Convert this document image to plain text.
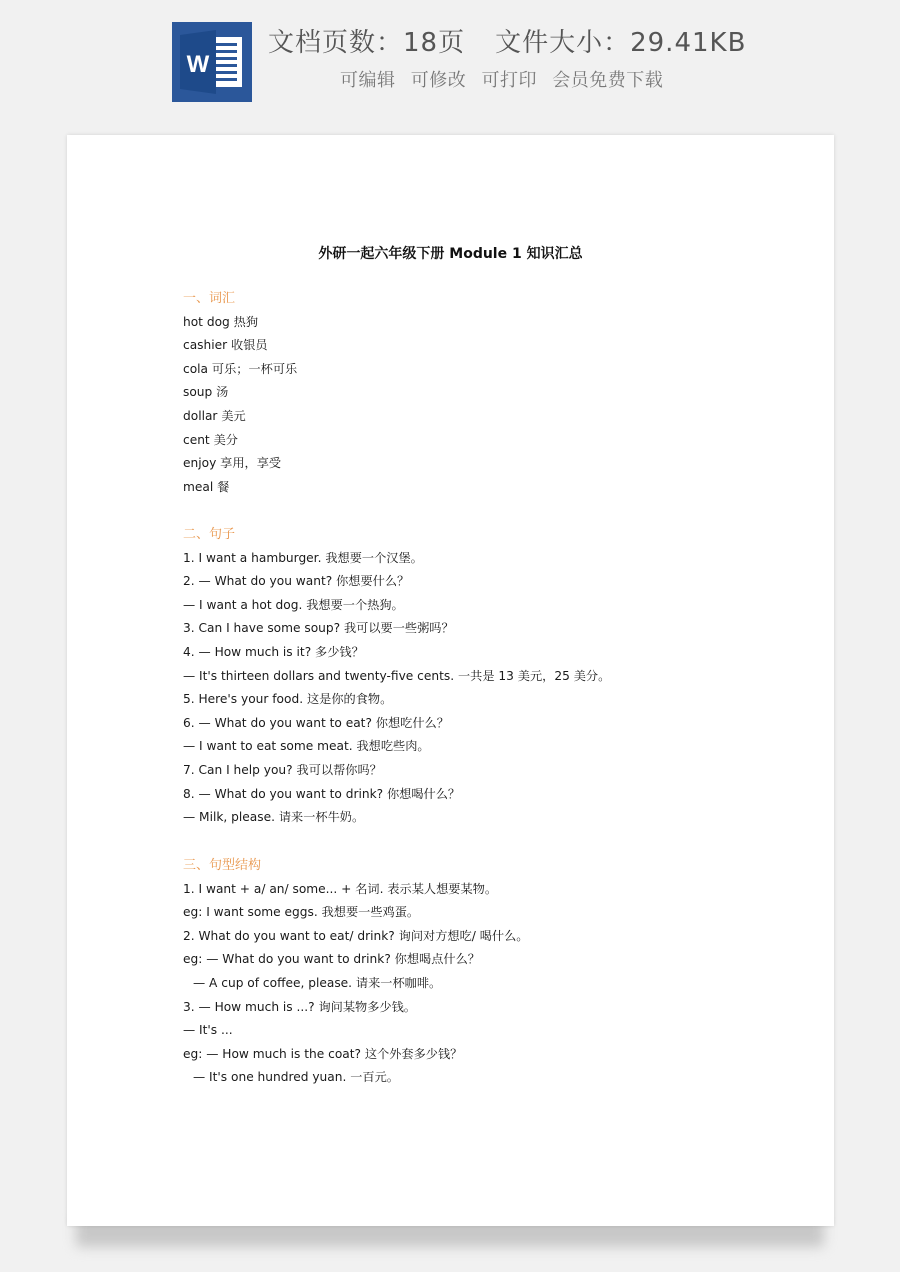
W
文档页数：18页 文件大小：29.41KB
可编辑 可修改 可打印 会员免费下载
外研一起六年级下册 Module 1 知识汇总
一、词汇
hot dog 热狗
cashier 收银员
cola 可乐；一杯可乐
soup 汤
dollar 美元
cent 美分
enjoy 享用，享受
meal 餐
二、句子
1. I want a hamburger. 我想要一个汉堡。
2. — What do you want? 你想要什么？
— I want a hot dog. 我想要一个热狗。
3. Can I have some soup? 我可以要一些粥吗？
4. — How much is it? 多少钱？
— It's thirteen dollars and twenty-five cents. 一共是 13 美元，25 美分。
5. Here's your food. 这是你的食物。
6. — What do you want to eat? 你想吃什么？
— I want to eat some meat. 我想吃些肉。
7. Can I help you? 我可以帮你吗？
8. — What do you want to drink? 你想喝什么？
— Milk, please. 请来一杯牛奶。
三、句型结构
1. I want + a/ an/ some... + 名词. 表示某人想要某物。
eg: I want some eggs. 我想要一些鸡蛋。
2. What do you want to eat/ drink? 询问对方想吃/ 喝什么。
eg: — What do you want to drink? 你想喝点什么？
— A cup of coffee, please. 请来一杯咖啡。
3. — How much is ...? 询问某物多少钱。
— It's ...
eg: — How much is the coat? 这个外套多少钱？
— It's one hundred yuan. 一百元。
